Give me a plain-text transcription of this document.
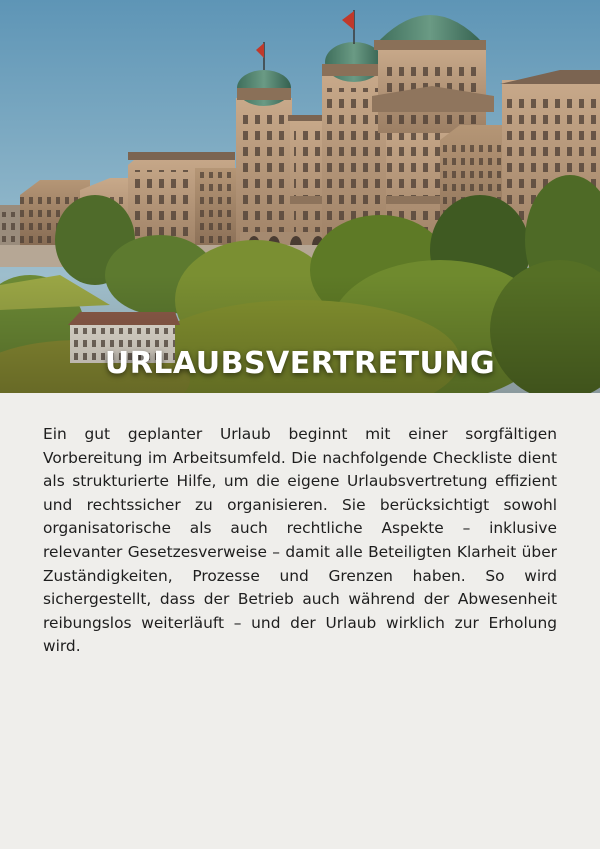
URLAUBSVERTRETUNG

Ein gut geplanter Urlaub beginnt mit einer sorgfältigen Vorbereitung im Arbeitsumfeld. Die nachfolgende Checkliste dient als strukturierte Hilfe, um die eigene Urlaubsvertretung effizient und rechtssicher zu organisieren. Sie berücksichtigt sowohl organisatorische als auch rechtliche Aspekte – inklusive relevanter Gesetzesverweise – damit alle Beteiligten Klarheit über Zuständigkeiten, Prozesse und Grenzen haben. So wird sichergestellt, dass der Betrieb auch während der Abwesenheit reibungslos weiterläuft – und der Urlaub wirklich zur Erholung wird.
